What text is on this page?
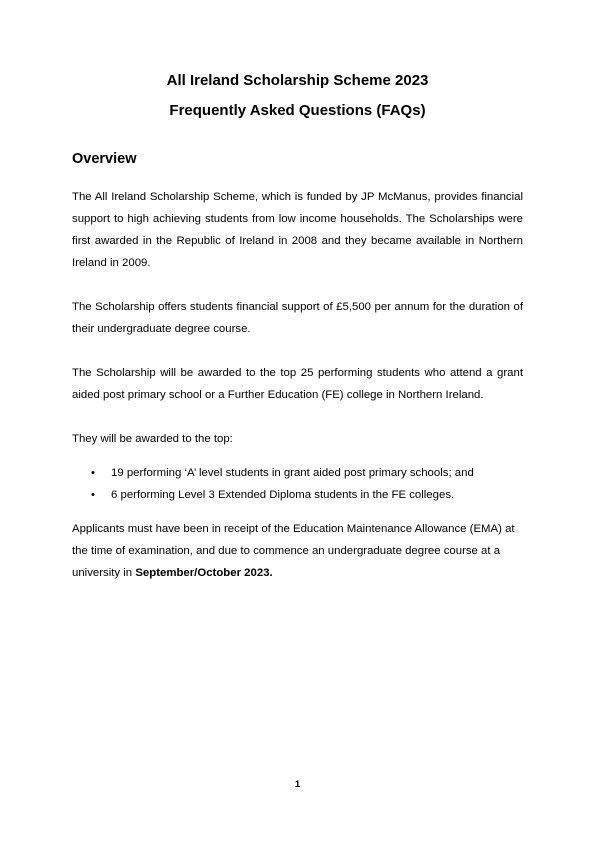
All Ireland Scholarship Scheme 2023
Frequently Asked Questions (FAQs)
Overview

The All Ireland Scholarship Scheme, which is funded by JP McManus, provides financial support to high achieving students from low income households. The Scholarships were first awarded in the Republic of Ireland in 2008 and they became available in Northern Ireland in 2009.

The Scholarship offers students financial support of £5,500 per annum for the duration of their undergraduate degree course.

The Scholarship will be awarded to the top 25 performing students who attend a grant aided post primary school or a Further Education (FE) college in Northern Ireland.

They will be awarded to the top:

• 19 performing ‘A’ level students in grant aided post primary schools; and
• 6 performing Level 3 Extended Diploma students in the FE colleges.

Applicants must have been in receipt of the Education Maintenance Allowance (EMA) at the time of examination, and due to commence an undergraduate degree course at a university in September/October 2023.

1
